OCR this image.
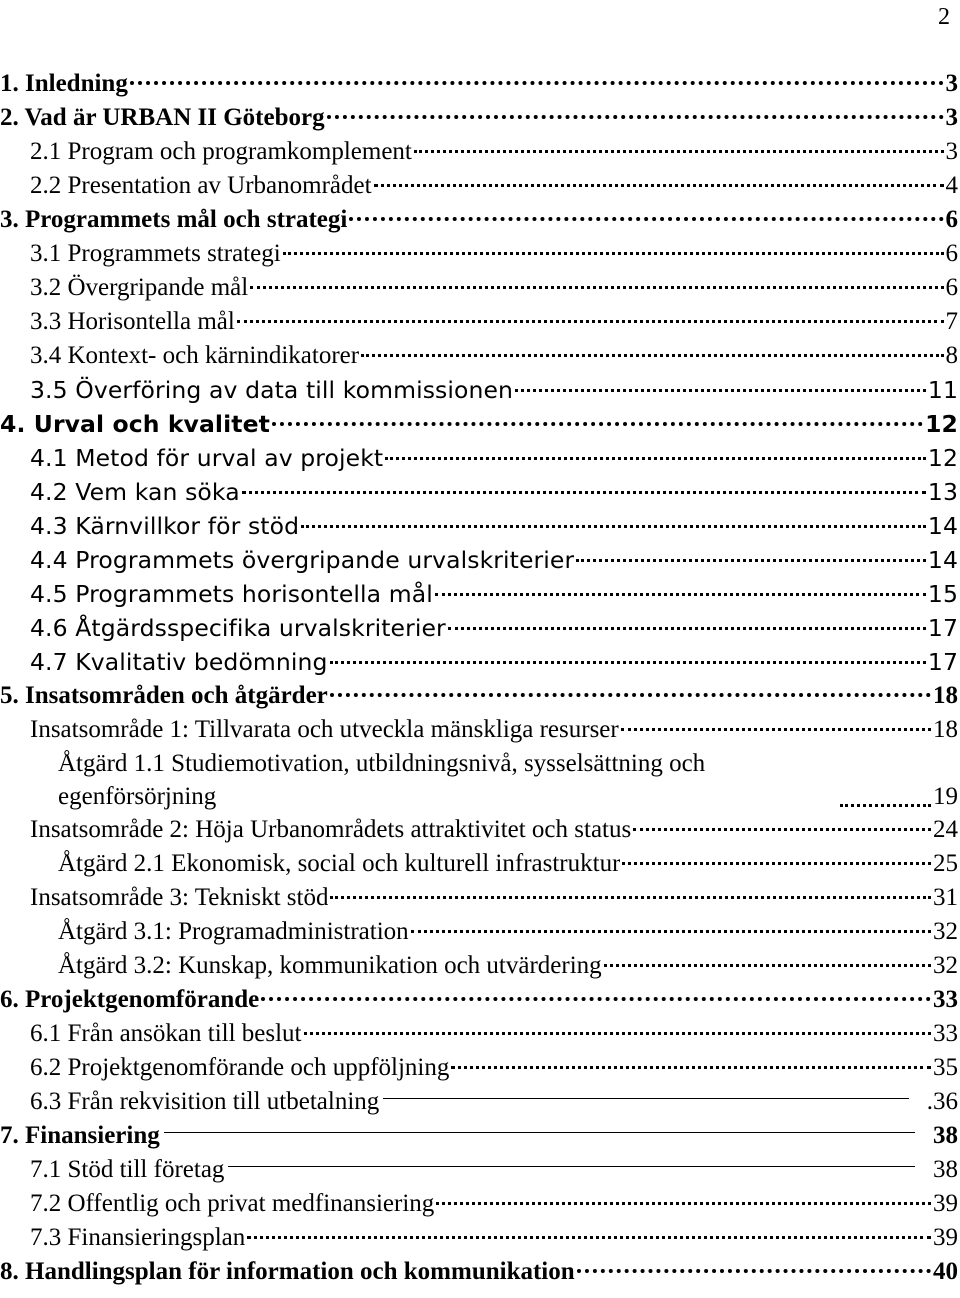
2
1. Inledning	3
2. Vad är URBAN II Göteborg	3
2.1 Program och programkomplement	3
2.2 Presentation av Urbanområdet	4
3. Programmets mål och strategi	6
3.1 Programmets strategi	6
3.2 Övergripande mål	6
3.3 Horisontella mål	7
3.4 Kontext- och kärnindikatorer	8
3.5 Överföring av data till kommissionen	11
4. Urval och kvalitet	12
4.1 Metod för urval av projekt	12
4.2 Vem kan söka	13
4.3 Kärnvillkor för stöd	14
4.4 Programmets övergripande urvalskriterier	14
4.5 Programmets horisontella mål	15
4.6 Åtgärdsspecifika urvalskriterier	17
4.7 Kvalitativ bedömning	17
5. Insatsområden och åtgärder	18
Insatsområde 1: Tillvarata och utveckla mänskliga resurser	18
Åtgärd 1.1 Studiemotivation, utbildningsnivå, sysselsättning och egenförsörjning	19
Insatsområde 2: Höja Urbanområdets attraktivitet och status	24
Åtgärd 2.1 Ekonomisk, social och kulturell infrastruktur	25
Insatsområde 3: Tekniskt stöd	31
Åtgärd 3.1: Programadministration	32
Åtgärd 3.2: Kunskap, kommunikation och utvärdering	32
6. Projektgenomförande	33
6.1 Från ansökan till beslut	33
6.2 Projektgenomförande och uppföljning	35
6.3 Från rekvisition till utbetalning	.36
7. Finansiering	38
7.1 Stöd till företag	38
7.2 Offentlig och privat medfinansiering	39
7.3 Finansieringsplan	39
8. Handlingsplan för information och kommunikation	40
